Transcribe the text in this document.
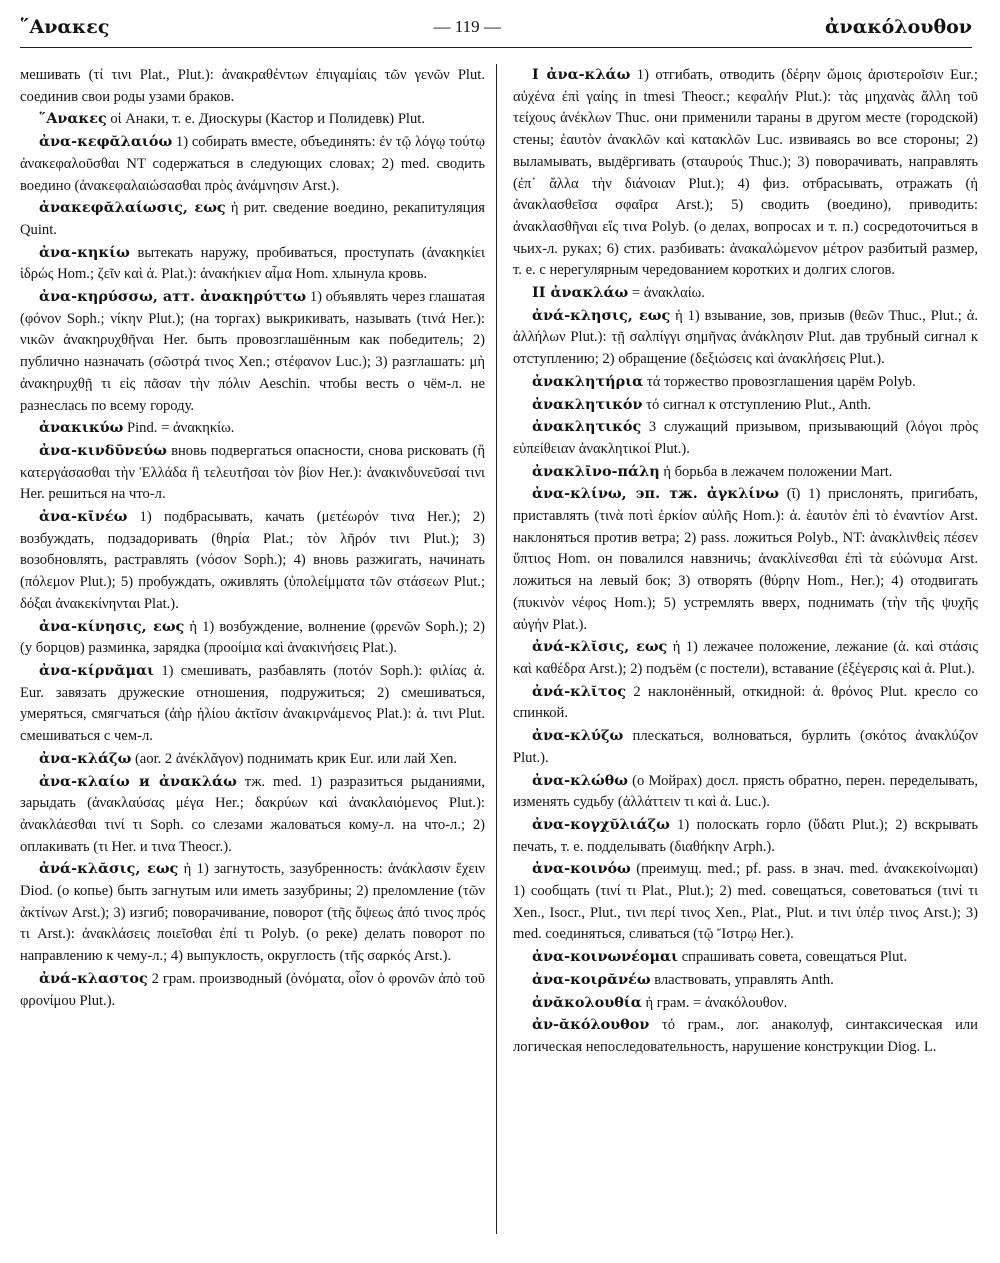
῞Ανακες	— 119 —	ἀνακόλουθον

мешивать (τί τινι Plat., Plut.): ἀνακραθέντων ἐπιγαμίαις τῶν γενῶν Plut. соединив свои роды узами браков.

῞Ανακες οἱ Анаки, т. е. Диоскуры (Кастор и Полидевк) Plut.

ἀνα-κεφᾰλαιόω 1) собирать вместе, объединять: ἐν τῷ λόγῳ τούτῳ ἀνακεφαλοῦσθαι NT содержаться в следующих словах; 2) med. сводить воедино (ἀνακεφαλαιώσασθαι πρὸς ἀνάμνησιν Arst.).

ἀνακεφᾰλαίωσις, εως ἡ рит. сведение воедино, рекапитуляция Quint.

ἀνα-κηκίω вытекать наружу, пробиваться, проступать (ἀνακηκίει ἱδρώς Hom.; ζεῖν καὶ ἀ. Plat.): ἀνακήκιεν αἷμα Hom. хлынула кровь.

ἀνα-κηρύσσω, атт. ἀνακηρύττω 1) объявлять через глашатая (φόνον Soph.; νίκην Plut.); (на торгах) выкрикивать, называть (τινά Her.): νικῶν ἀνακηρυχθῆναι Her. быть провозглашённым как победитель; 2) публично назначать (σῶστρά τινος Xen.; στέφανον Luc.); 3) разглашать: μὴ ἀνακηρυχθῇ τι εἰς πᾶσαν τὴν πόλιν Aeschin. чтобы весть о чём-л. не разнеслась по всему городу.

ἀνακικύω Pind. = ἀνακηκίω.

ἀνα-κινδῡνεύω вновь подвергаться опасности, снова рисковать (ἢ κατεργάσασθαι τὴν Ἑλλάδα ἢ τελευτῆσαι τὸν βίον Her.): ἀνακινδυνεῦσαί τινι Her. решиться на что-л.

ἀνα-κῑνέω 1) подбрасывать, качать (μετέωρόν τινα Her.); 2) возбуждать, подзадоривать (θηρία Plat.; τὸν λῆρόν τινι Plut.); 3) возобновлять, растравлять (νόσον Soph.); 4) вновь разжигать, начинать (πόλεμον Plut.); 5) пробуждать, оживлять (ὑπολείμματα τῶν στάσεων Plut.; δόξαι ἀνακεκίνηνται Plat.).

ἀνα-κίνησις, εως ἡ 1) возбуждение, волнение (φρενῶν Soph.); 2) (у борцов) разминка, зарядка (προοίμια καὶ ἀνακινήσεις Plat.).

ἀνα-κίρνᾰμαι 1) смешивать, разбавлять (ποτόν Soph.): φιλίας ἀ. Eur. завязать дружеские отношения, подружиться; 2) смешиваться, умеряться, смягчаться (ἀὴρ ἡλίου ἀκτῖσιν ἀνακιρνάμενος Plat.): ἀ. τινι Plut. смешиваться с чем-л.

ἀνα-κλάζω (aor. 2 ἀνέκλᾰγον) поднимать крик Eur. или лай Xen.

ἀνα-κλαίω и ἀνακλάω тж. med. 1) разразиться рыданиями, зарыдать (ἀνακλαύσας μέγα Her.; δακρύων καὶ ἀνακλαιόμενος Plut.): ἀνακλάεσθαι τινί τι Soph. со слезами жаловаться кому-л. на что-л.; 2) оплакивать (τι Her. и τινα Theocr.).

ἀνά-κλᾰσις, εως ἡ 1) загнутость, зазубренность: ἀνάκλασιν ἔχειν Diod. (о копье) быть загнутым или иметь зазубрины; 2) преломление (τῶν ἀκτίνων Arst.); 3) изгиб; поворачивание, поворот (τῆς ὄψεως ἀπό τινος πρός τι Arst.): ἀνακλάσεις ποιεῖσθαι ἐπί τι Polyb. (о реке) делать поворот по направлению к чему-л.; 4) выпуклость, округлость (τῆς σαρκός Arst.).

ἀνά-κλαστος 2 грам. производный (ὀνόματα, οἷον ὁ φρονῶν ἀπὸ τοῦ φρονίμου Plut.).

I ἀνα-κλάω 1) отгибать, отводить (δέρην ὤμοις ἀριστεροῖσιν Eur.; αὐχένα ἐπὶ γαίης in tmesi Theocr.; κεφαλήν Plut.): τὰς μηχανὰς ἄλλη τοῦ τείχους ἀνέκλων Thuc. они применили тараны в другом месте (городской) стены; ἑαυτὸν ἀνακλῶν καὶ κατακλῶν Luc. извиваясь во все стороны; 2) выламывать, выдёргивать (σταυρούς Thuc.); 3) поворачивать, направлять (ἐπ᾽ ἄλλα τὴν διάνοιαν Plut.); 4) физ. отбрасывать, отражать (ἡ ἀνακλασθεῖσα σφαῖρα Arst.); 5) сводить (воедино), приводить: ἀνακλασθῆναι εἴς τινα Polyb. (о делах, вопросах и т. п.) сосредоточиться в чьих-л. руках; 6) стих. разбивать: ἀνακαλώμενον μέτρον разбитый размер, т. е. с нерегулярным чередованием коротких и долгих слогов.

II ἀνακλάω = ἀνακλαίω.

ἀνά-κλησις, εως ἡ 1) взывание, зов, призыв (θεῶν Thuc., Plut.; ἀ. ἀλλήλων Plut.): τῇ σαλπίγγι σημῆνας ἀνάκλησιν Plut. дав трубный сигнал к отступлению; 2) обращение (δεξιώσεις καὶ ἀνακλήσεις Plut.).

ἀνακλητήρια τά торжество провозглашения царём Polyb.

ἀνακλητικόν τό сигнал к отступлению Plut., Anth.

ἀνακλητικός 3 служащий призывом, призывающий (λόγοι πρὸς εὐπείθειαν ἀνακλητικοί Plut.).

ἀνακλῑνο-πάλη ἡ борьба в лежачем положении Mart.

ἀνα-κλίνω, эп. тж. ἀγκλίνω (ῐ) 1) прислонять, пригибать, приставлять (τινὰ ποτὶ ἑρκίον αὐλῆς Hom.): ἀ. ἑαυτὸν ἐπὶ τὸ ἐναντίον Arst. наклоняться против ветра; 2) pass. ложиться Polyb., NT: ἀνακλινθεὶς πέσεν ὕπτιος Hom. он повалился навзничь; ἀνακλίνεσθαι ἐπὶ τὰ εὐώνυμα Arst. ложиться на левый бок; 3) отворять (θύρην Hom., Her.); 4) отодвигать (πυκινὸν νέφος Hom.); 5) устремлять вверх, поднимать (τὴν τῆς ψυχῆς αὐγήν Plat.).

ἀνά-κλῐσις, εως ἡ 1) лежачее положение, лежание (ἀ. καὶ στάσις καὶ καθέδρα Arst.); 2) подъём (с постели), вставание (ἐξέγερσις καὶ ἀ. Plut.).

ἀνά-κλῐτος 2 наклонённый, откидной: ἀ. θρόνος Plut. кресло со спинкой.

ἀνα-κλύζω плескаться, волноваться, бурлить (σκότος ἀνακλύζον Plut.).

ἀνα-κλώθω (о Мойрах) досл. прясть обратно, перен. переделывать, изменять судьбу (ἀλλάττειν τι καὶ ἀ. Luc.).

ἀνα-κογχῠλιάζω 1) полоскать горло (ὕδατι Plut.); 2) вскрывать печать, т. е. подделывать (διαθήκην Arph.).

ἀνα-κοινόω (преимущ. med.; pf. pass. в знач. med. ἀνακεκοίνωμαι) 1) сообщать (τινί τι Plat., Plut.); 2) med. совещаться, советоваться (τινί τι Xen., Isocr., Plut., τινι περί τινος Xen., Plat., Plut. и τινι ὑπέρ τινος Arst.); 3) med. соединяться, сливаться (τῷ Ἴστρῳ Her.).

ἀνα-κοινωνέομαι спрашивать совета, совещаться Plut.

ἀνα-κοιρᾰνέω властвовать, управлять Anth.

ἀνᾰκολουθία ἡ грам. = ἀνακόλουθον.

ἀν-ᾰκόλουθον τό грам., лог. анаколуф, синтаксическая или логическая непоследовательность, нарушение конструкции Diog. L.
